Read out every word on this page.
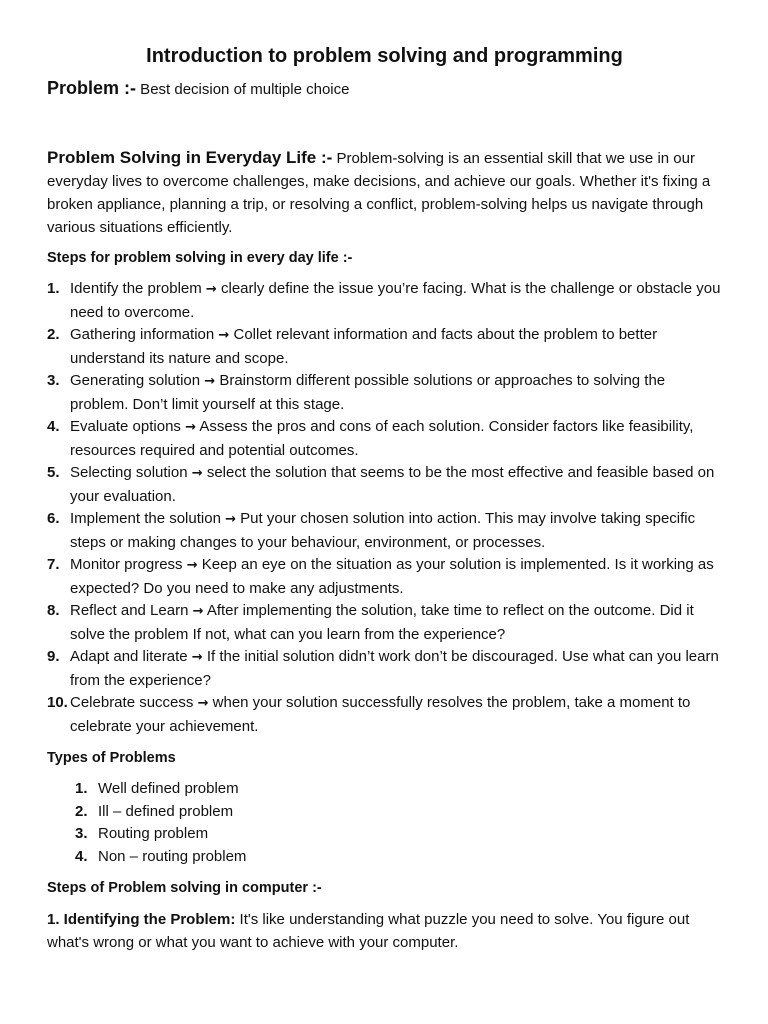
Introduction to problem solving and programming

Problem :- Best decision of multiple choice

Problem Solving in Everyday Life :- Problem-solving is an essential skill that we use in our everyday lives to overcome challenges, make decisions, and achieve our goals. Whether it's fixing a broken appliance, planning a trip, or resolving a conflict, problem-solving helps us navigate through various situations efficiently.

Steps for problem solving in every day life :-
1. Identify the problem → clearly define the issue you’re facing. What is the challenge or obstacle you need to overcome.
2. Gathering information → Collet relevant information and facts about the problem to better understand its nature and scope.
3. Generating solution → Brainstorm different possible solutions or approaches to solving the problem. Don’t limit yourself at this stage.
4. Evaluate options → Assess the pros and cons of each solution. Consider factors like feasibility, resources required and potential outcomes.
5. Selecting solution → select the solution that seems to be the most effective and feasible based on your evaluation.
6. Implement the solution → Put your chosen solution into action. This may involve taking specific steps or making changes to your behaviour, environment, or processes.
7. Monitor progress → Keep an eye on the situation as your solution is implemented. Is it working as expected? Do you need to make any adjustments.
8. Reflect and Learn → After implementing the solution, take time to reflect on the outcome. Did it solve the problem If not, what can you learn from the experience?
9. Adapt and literate → If the initial solution didn’t work don’t be discouraged. Use what can you learn from the experience?
10. Celebrate success → when your solution successfully resolves the problem, take a moment to celebrate your achievement.
Types of Problems
1. Well defined problem
2. Ill – defined problem
3. Routing problem
4. Non – routing problem
Steps of Problem solving in computer :-

1. Identifying the Problem: It's like understanding what puzzle you need to solve. You figure out what's wrong or what you want to achieve with your computer.
